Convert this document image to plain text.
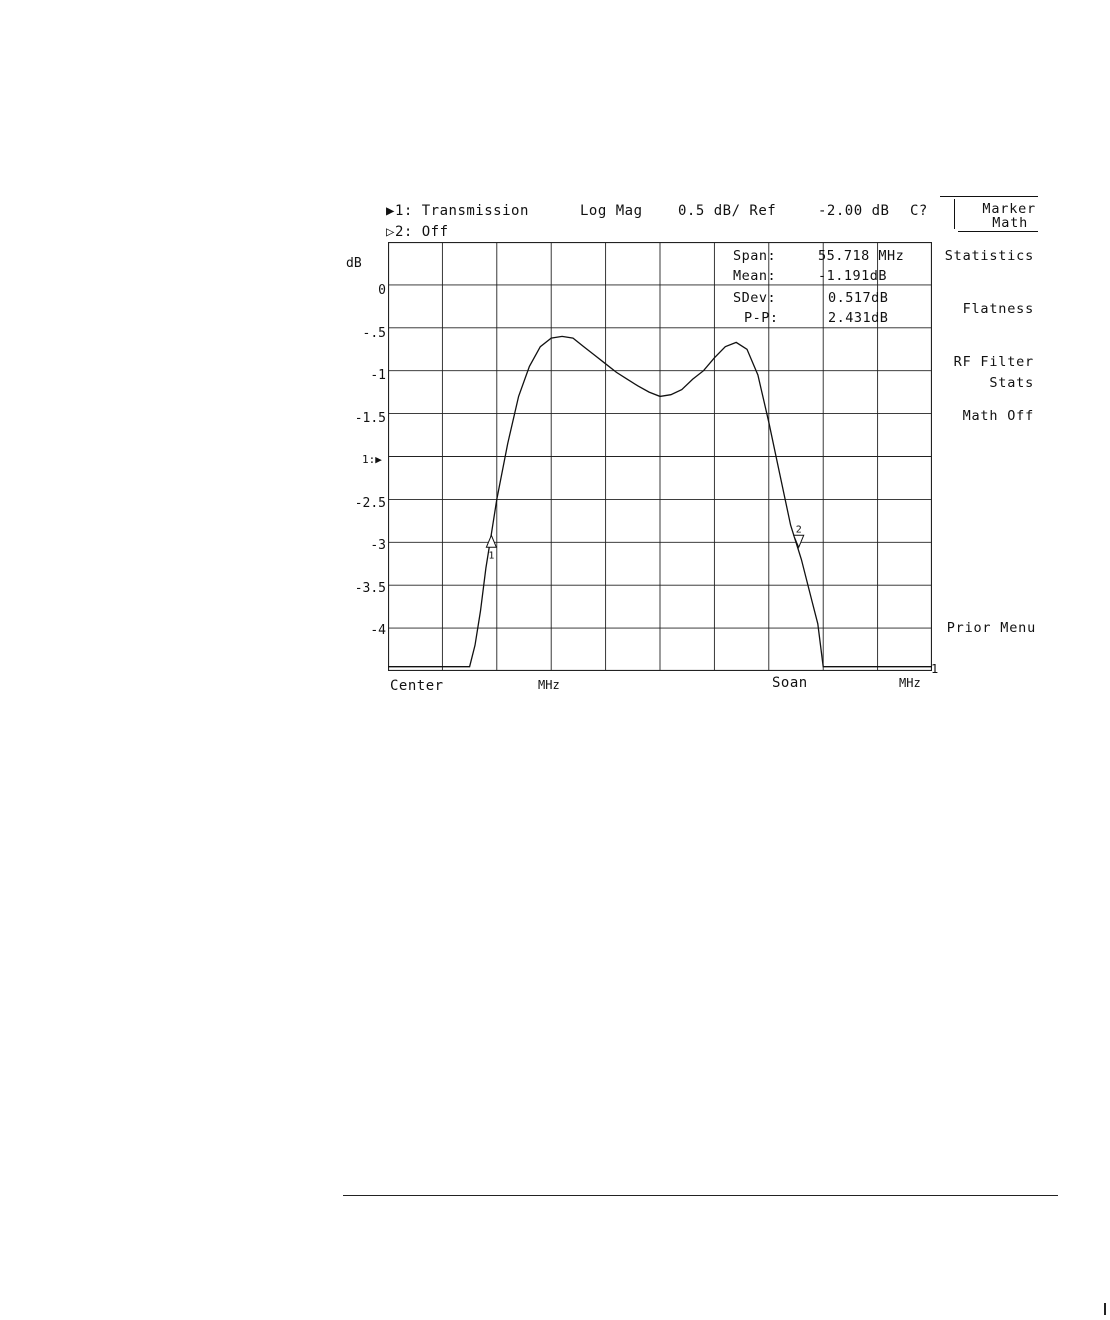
▶1: Transmission
▷2: Off
Log Mag	0.5 dB/ Ref	-2.00 dB C?
dB
0
-.5
-1
-1.5
1:▶
-2.5
-3
-3.5
-4
1
2
Span:	55.718 MHz
Mean:	-1.191dB
SDev:	0.517dB
P-P:	2.431dB
Marker
Math
Statistics
Flatness
RF Filter
Stats
Math Off
Prior Menu
Center	MHz	Soan	MHz
1
